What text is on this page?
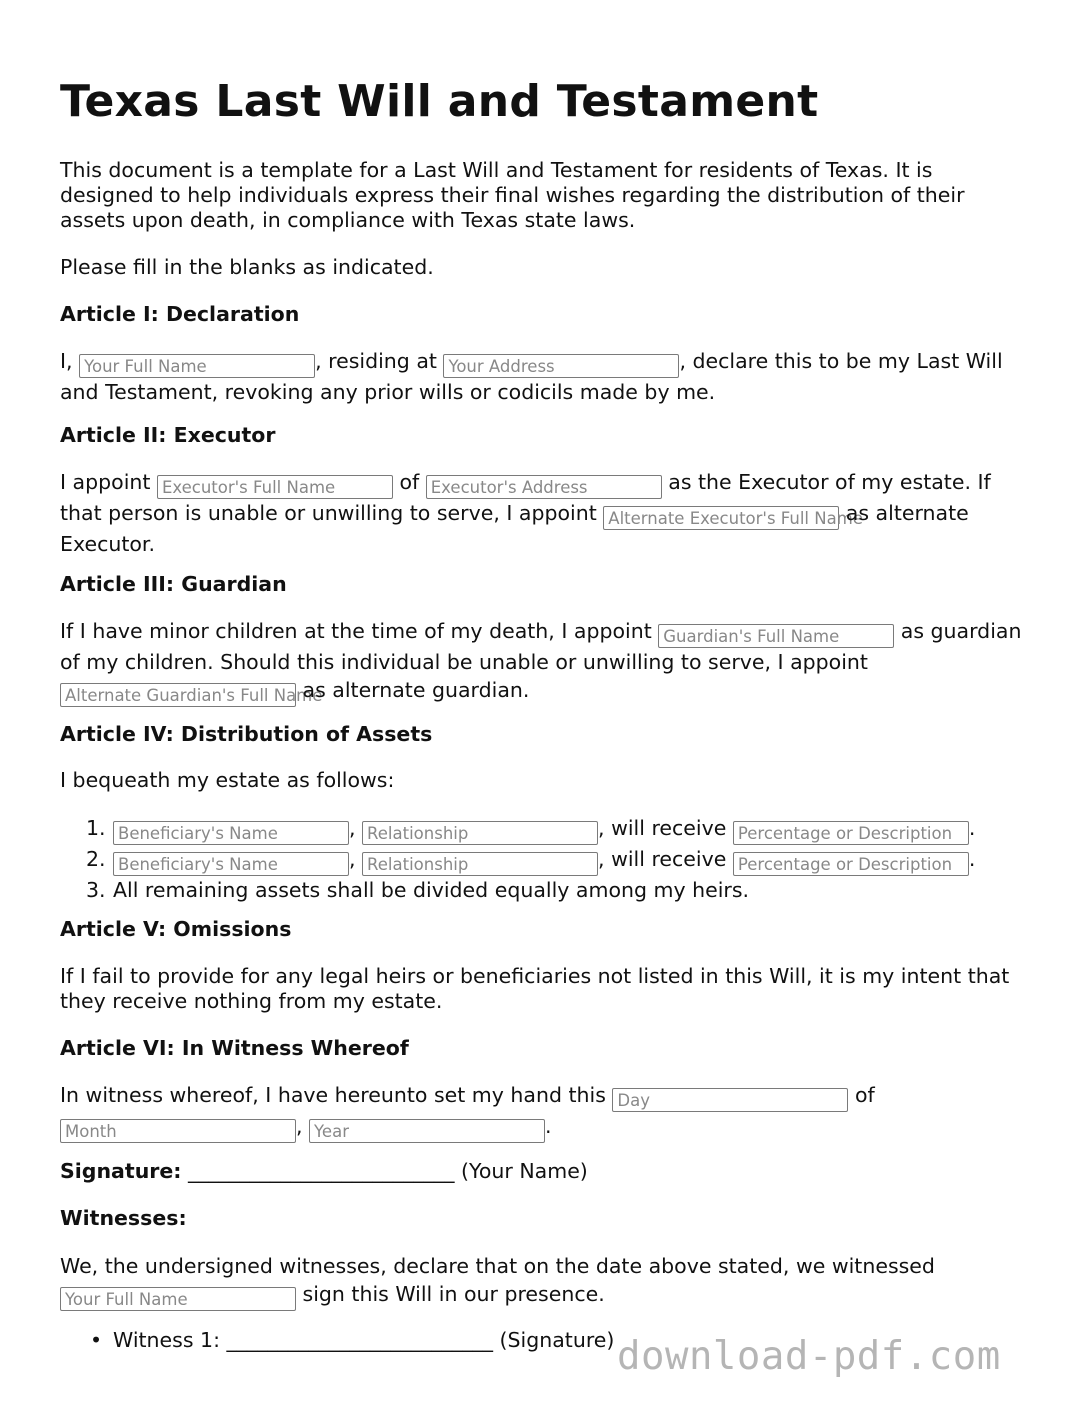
Texas Last Will and Testament
This document is a template for a Last Will and Testament for residents of Texas. It is designed to help individuals express their final wishes regarding the distribution of their assets upon death, in compliance with Texas state laws.
Please fill in the blanks as indicated.
Article I: Declaration
I, Your Full Name	, residing at Your Address	, declare this to be my Last Will and Testament, revoking any prior wills or codicils made by me.
Article II: Executor
I appoint Executor's Full Name	of Executor's Address	as the Executor of my estate. If that person is unable or unwilling to serve, I appoint Alternate Executor's Full Name as alternate Executor.
Article III: Guardian
If I have minor children at the time of my death, I appoint Guardian's Full Name	as guardian of my children. Should this individual be unable or unwilling to serve, I appoint Alternate Guardian's Full Name as alternate guardian.
Article IV: Distribution of Assets
I bequeath my estate as follows:
1. Beneficiary's Name	, Relationship	, will receive Percentage or Description .
2. Beneficiary's Name	, Relationship	, will receive Percentage or Description .
3. All remaining assets shall be divided equally among my heirs.
Article V: Omissions
If I fail to provide for any legal heirs or beneficiaries not listed in this Will, it is my intent that they receive nothing from my estate.
Article VI: In Witness Whereof
In witness whereof, I have hereunto set my hand this Day	of Month	, Year	.
Signature: __________________________ (Your Name)
Witnesses:
We, the undersigned witnesses, declare that on the date above stated, we witnessed Your Full Name	sign this Will in our presence.
• Witness 1: __________________________ (Signature) download-pdf.com
